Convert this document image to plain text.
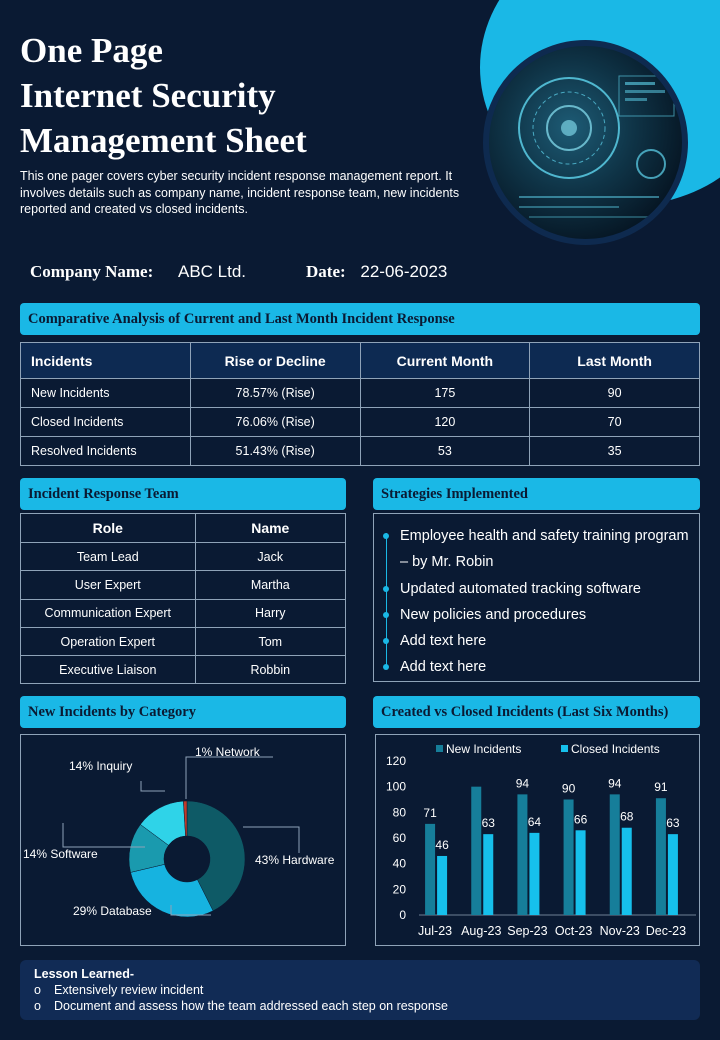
One Page
Internet Security
Management Sheet
This one pager covers cyber security incident response management report. It involves details such as company name, incident response team, new incidents reported and created vs closed incidents.
Company Name: ABC Ltd.	Date: 22-06-2023
Comparative Analysis of Current and Last Month Incident Response
Incidents	Rise or Decline	Current Month	Last Month
New Incidents	78.57% (Rise)	175	90
Closed Incidents	76.06% (Rise)	120	70
Resolved Incidents	51.43% (Rise)	53	35
Incident Response Team
Role	Name
Team Lead	Jack
User Expert	Martha
Communication Expert	Harry
Operation Expert	Tom
Executive Liaison	Robbin
Strategies Implemented
Employee health and safety training program – by Mr. Robin
Updated automated tracking software
New policies and procedures
Add text here
Add text here
New Incidents by Category
43% Hardware
29% Database
14% Software
14% Inquiry
1% Network
Created vs Closed Incidents (Last Six Months)
0
20
40
60
80
100
120
71
46
Jul-23
63
Aug-23
94
64
Sep-23
90
66
Oct-23
94
68
Nov-23
91
63
Dec-23
New Incidents	Closed Incidents
Lesson Learned-
o Extensively review incident
o Document and assess how the team addressed each step on response
